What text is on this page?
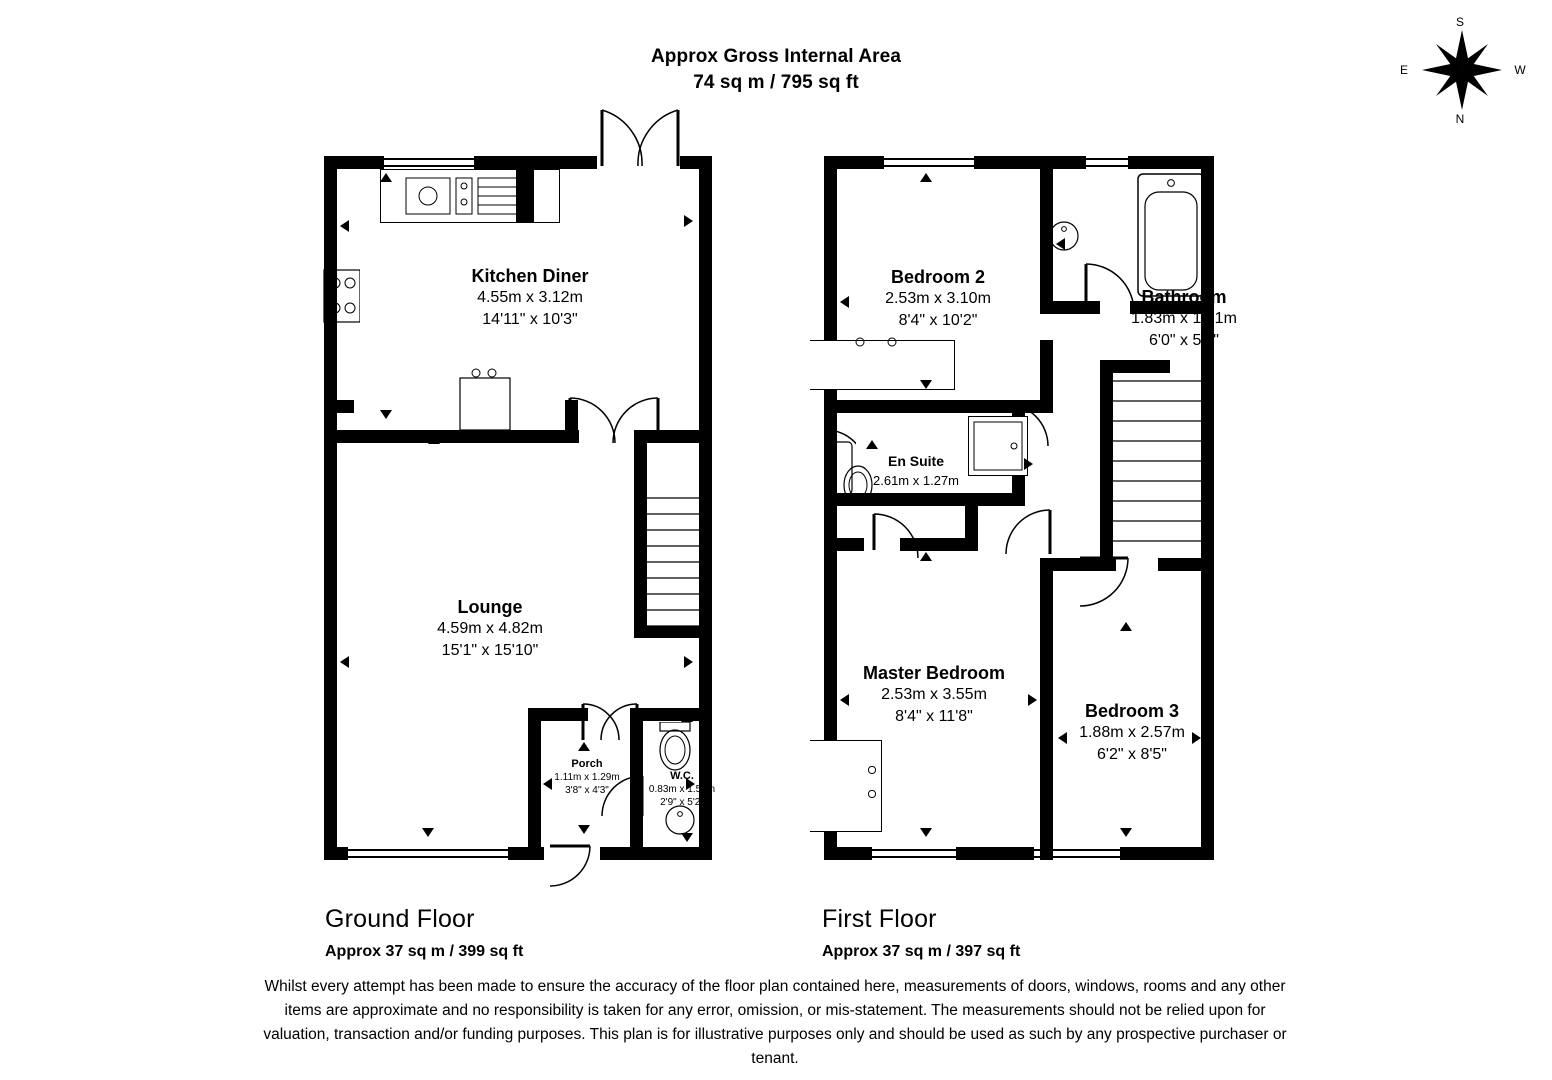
Approx Gross Internal Area
74 sq m / 795 sq ft
S
N
E	W
Kitchen Diner
4.55m x 3.12m
14'11" x 10'3"
Lounge
4.59m x 4.82m
15'1" x 15'10"
Porch
1.11m x 1.29m
3'8" x 4'3"
W.C.
0.83m x 1.57m
2'9" x 5'2"
Bathroom
1.83m x 1.61m
6'0" x 5'3"
Bedroom 2
2.53m x 3.10m
8'4" x 10'2"
En Suite
2.61m x 1.27m
8'7" x 4'2"
Master Bedroom
2.53m x 3.55m
8'4" x 11'8"	Bedroom 3
1.88m x 2.57m
6'2" x 8'5"
Ground Floor
Approx 37 sq m / 399 sq ft
First Floor
Approx 37 sq m / 397 sq ft
Whilst every attempt has been made to ensure the accuracy of the floor plan contained here, measurements of doors, windows, rooms and any other items are approximate and no responsibility is taken for any error, omission, or mis-statement. The measurements should not be relied upon for valuation, transaction and/or funding purposes. This plan is for illustrative purposes only and should be used as such by any prospective purchaser or tenant.
